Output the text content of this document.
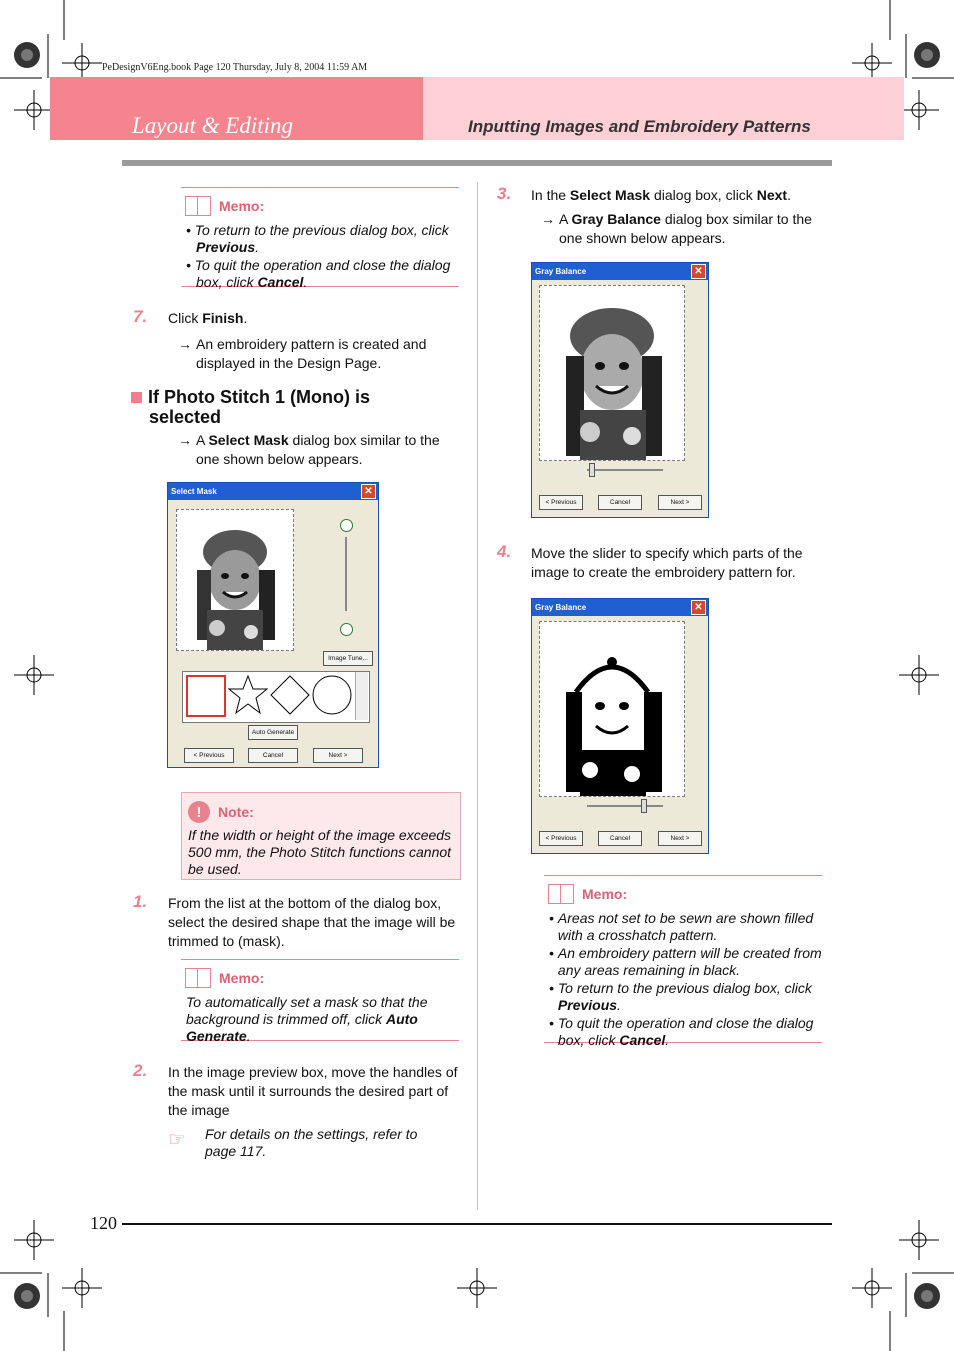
PeDesignV6Eng.book Page 120 Thursday, July 8, 2004 11:59 AM
Layout & Editing	Inputting Images and Embroidery Patterns
Memo:
• To return to the previous dialog box, click Previous.
• To quit the operation and close the dialog box, click Cancel.
7. Click Finish.
→ An embroidery pattern is created and displayed in the Design Page.
If Photo Stitch 1 (Mono) is
selected
→ A Select Mask dialog box similar to the one shown below appears.
Select Mask	✕
Image Tune...
Auto Generate
< Previous	Cancel	Next >
!	Note:
If the width or height of the image exceeds 500 mm, the Photo Stitch functions cannot be used.
1. From the list at the bottom of the dialog box, select the desired shape that the image will be trimmed to (mask).
Memo:
To automatically set a mask so that the background is trimmed off, click Auto Generate.
2. In the image preview box, move the handles of the mask until it surrounds the desired part of the image
☞ For details on the settings, refer to page 117.
3. In the Select Mask dialog box, click Next.
→ A Gray Balance dialog box similar to the one shown below appears.
Gray Balance	✕
< Previous	Cancel	Next >
4. Move the slider to specify which parts of the image to create the embroidery pattern for.
Gray Balance	✕
< Previous	Cancel	Next >
Memo:
• Areas not set to be sewn are shown filled with a crosshatch pattern.
• An embroidery pattern will be created from any areas remaining in black.
• To return to the previous dialog box, click Previous.
• To quit the operation and close the dialog box, click Cancel.
120
